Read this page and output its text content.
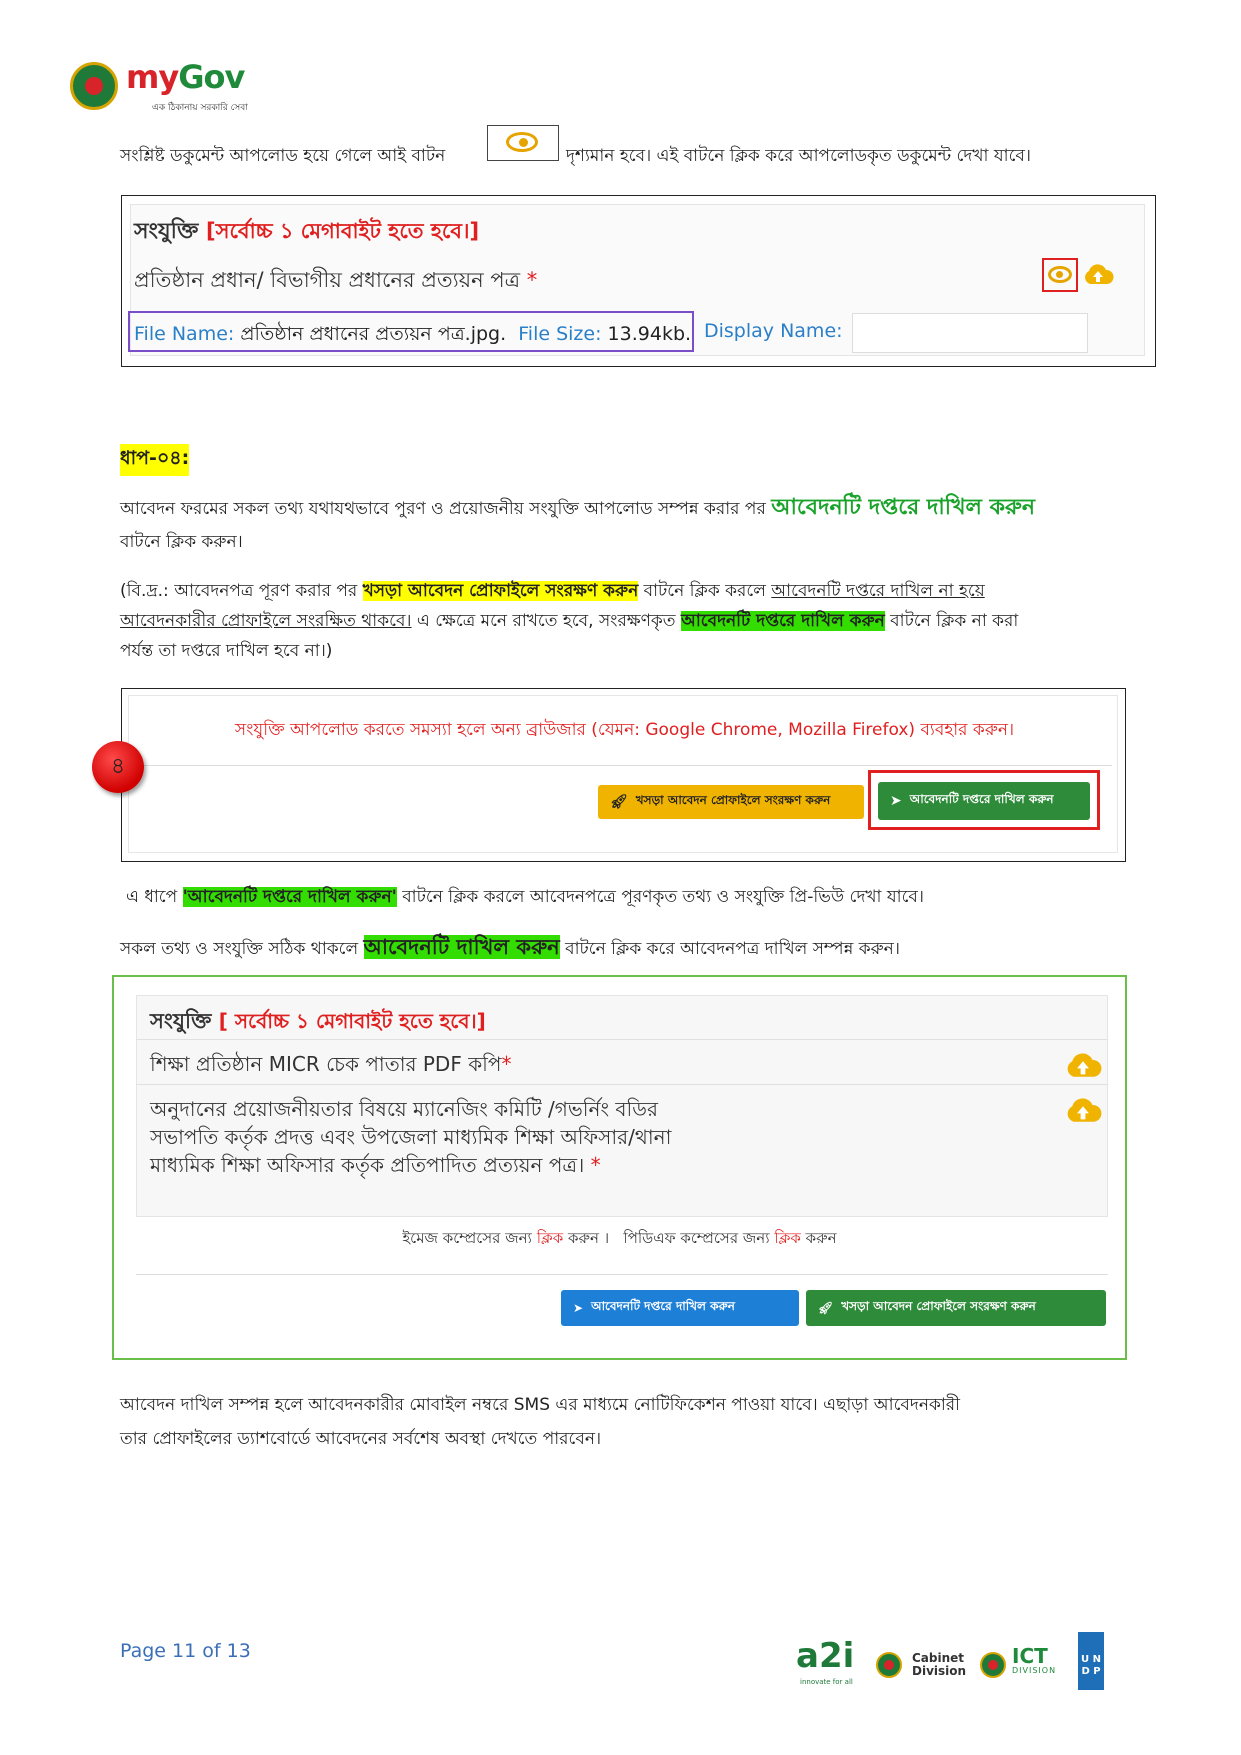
myGov
এক ঠিকানায় সরকারি সেবা
সংশ্লিষ্ট ডকুমেন্ট আপলোড হয়ে গেলে আই বাটন	দৃশ্যমান হবে। এই বাটনে ক্লিক করে আপলোডকৃত ডকুমেন্ট দেখা যাবে।
সংযুক্তি [সর্বোচ্চ ১ মেগাবাইট হতে হবে।]
প্রতিষ্ঠান প্রধান/ বিভাগীয় প্রধানের প্রত্যয়ন পত্র *
File Name: প্রতিষ্ঠান প্রধানের প্রত্যয়ন পত্র.jpg. File Size: 13.94kb. Display Name:
ধাপ-০৪:
আবেদন ফরমের সকল তথ্য যথাযথভাবে পুরণ ও প্রয়োজনীয় সংযুক্তি আপলোড সম্পন্ন করার পর আবেদনটি দপ্তরে দাখিল করুন
বাটনে ক্লিক করুন।
(বি.দ্র.: আবেদনপত্র পূরণ করার পর খসড়া আবেদন প্রোফাইলে সংরক্ষণ করুন বাটনে ক্লিক করলে আবেদনটি দপ্তরে দাখিল না হয়ে
আবেদনকারীর প্রোফাইলে সংরক্ষিত থাকবে। এ ক্ষেত্রে মনে রাখতে হবে, সংরক্ষণকৃত আবেদনটি দপ্তরে দাখিল করুন বাটনে ক্লিক না করা
পর্যন্ত তা দপ্তরে দাখিল হবে না।)
সংযুক্তি আপলোড করতে সমস্যা হলে অন্য ব্রাউজার (যেমন: Google Chrome, Mozilla Firefox) ব্যবহার করুন।
🚀︎ খসড়া আবেদন প্রোফাইলে সংরক্ষণ করুন	➤ আবেদনটি দপ্তরে দাখিল করুন
৪
এ ধাপে 'আবেদনটি দপ্তরে দাখিল করুন' বাটনে ক্লিক করলে আবেদনপত্রে পূরণকৃত তথ্য ও সংযুক্তি প্রি-ভিউ দেখা যাবে।
সকল তথ্য ও সংযুক্তি সঠিক থাকলে আবেদনটি দাখিল করুন বাটনে ক্লিক করে আবেদনপত্র দাখিল সম্পন্ন করুন।
সংযুক্তি [ সর্বোচ্চ ১ মেগাবাইট হতে হবে।]
শিক্ষা প্রতিষ্ঠান MICR চেক পাতার PDF কপি*
অনুদানের প্রয়োজনীয়তার বিষয়ে ম্যানেজিং কমিটি /গভর্নিং বডির
সভাপতি কর্তৃক প্রদত্ত এবং উপজেলা মাধ্যমিক শিক্ষা অফিসার/থানা
মাধ্যমিক শিক্ষা অফিসার কর্তৃক প্রতিপাদিত প্রত্যয়ন পত্র। *
ইমেজ কম্প্রেসের জন্য ক্লিক করুন । পিডিএফ কম্প্রেসের জন্য ক্লিক করুন
➤ আবেদনটি দপ্তরে দাখিল করুন	🚀︎ খসড়া আবেদন প্রোফাইলে সংরক্ষণ করুন
আবেদন দাখিল সম্পন্ন হলে আবেদনকারীর মোবাইল নম্বরে SMS এর মাধ্যমে নোটিফিকেশন পাওয়া যাবে। এছাড়া আবেদনকারী
তার প্রোফাইলের ড্যাশবোর্ডে আবেদনের সর্বশেষ অবস্থা দেখতে পারবেন।
Page 11 of 13	a2i
innovate for all
Cabinet
Division
ICT
DIVISION
U N D P
